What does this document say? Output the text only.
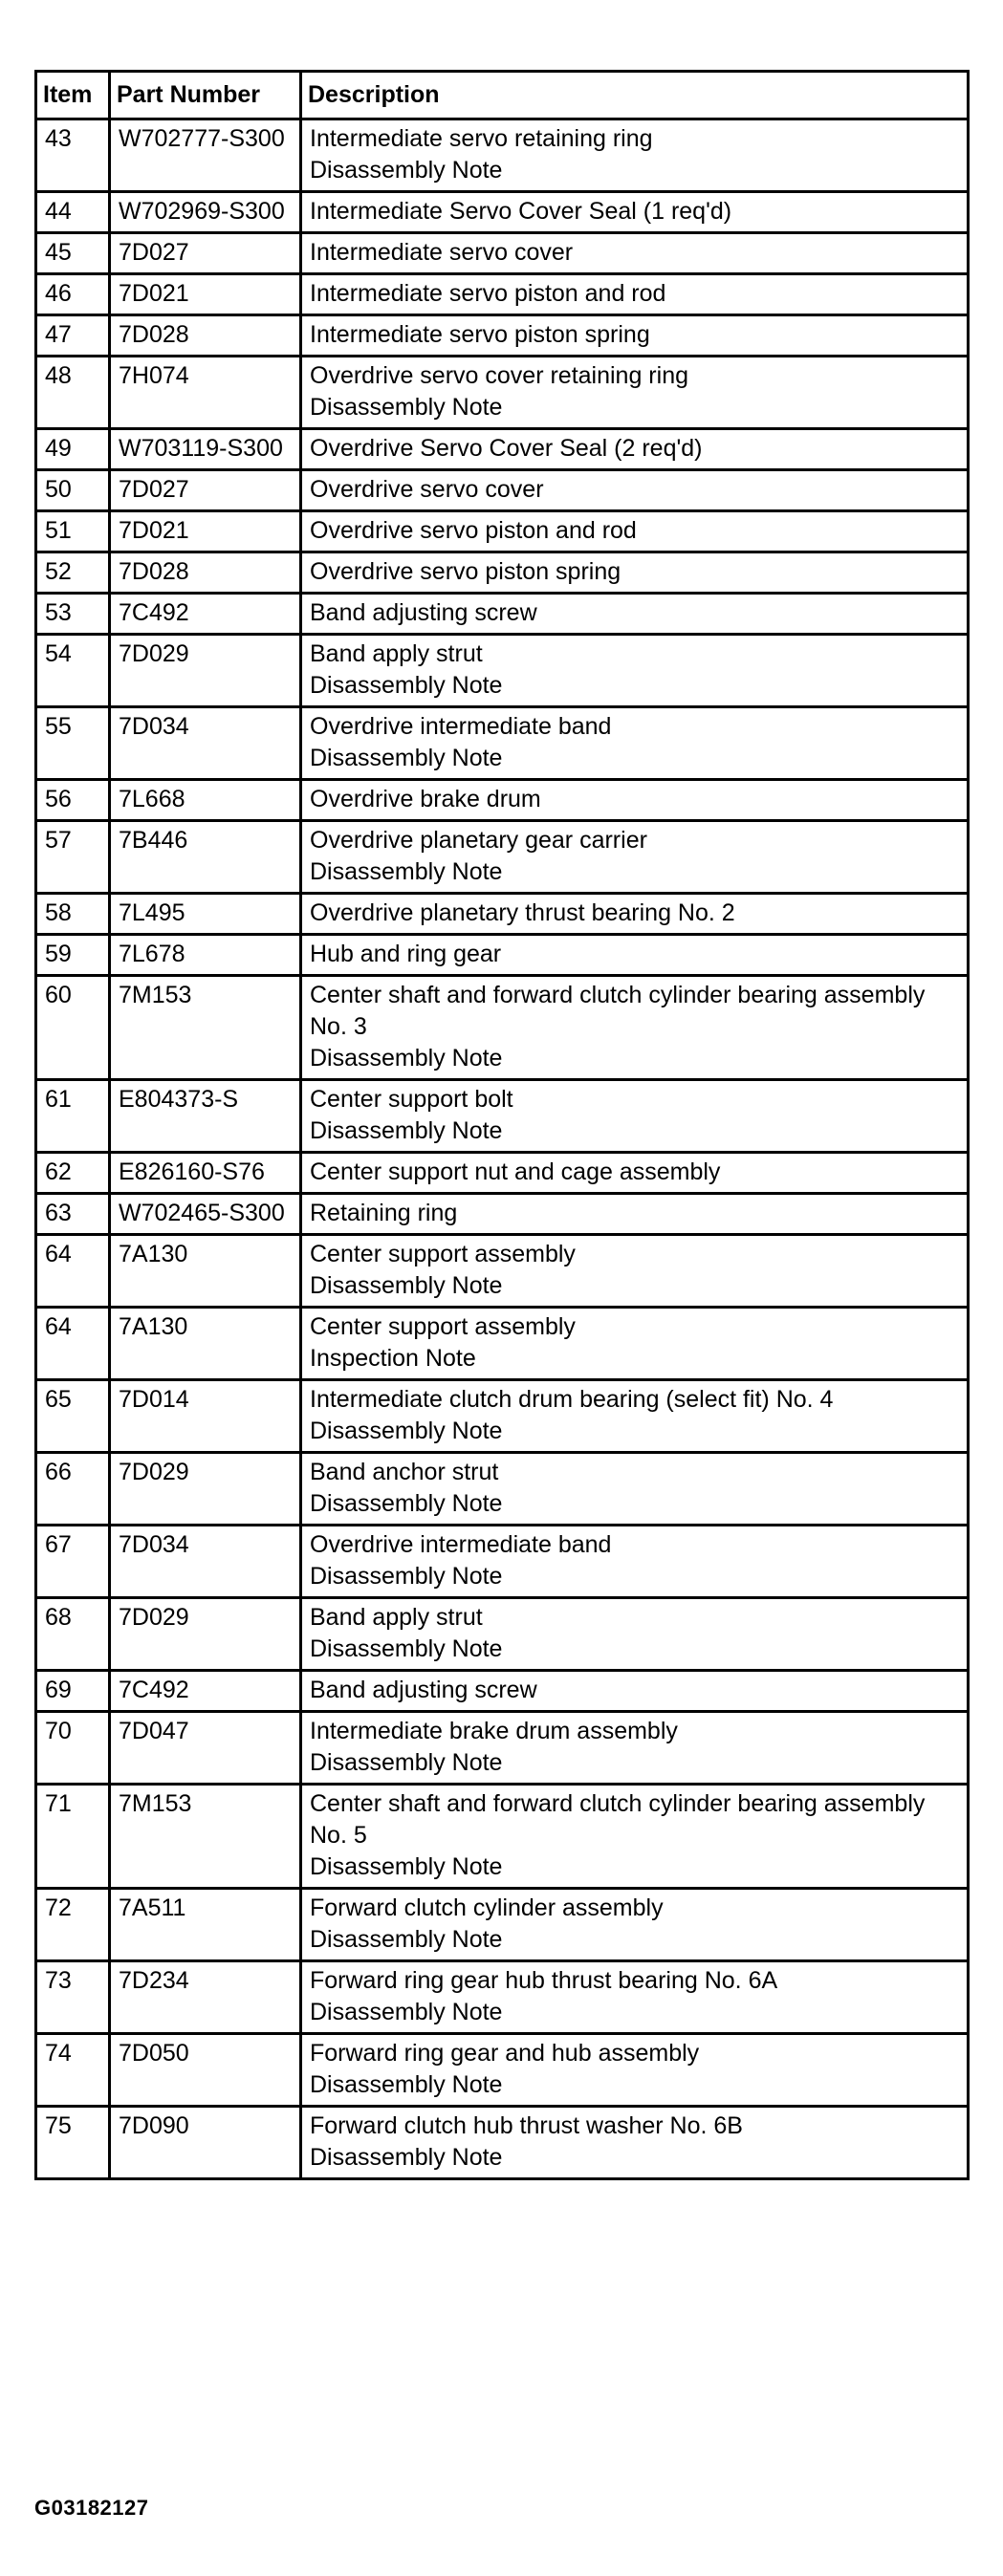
Item	Part Number	Description
43	W702777-S300	Intermediate servo retaining ring
Disassembly Note

44	W702969-S300	Intermediate Servo Cover Seal (1 req'd)

45	7D027	Intermediate servo cover

46	7D021	Intermediate servo piston and rod

47	7D028	Intermediate servo piston spring

48	7H074	Overdrive servo cover retaining ring
Disassembly Note

49	W703119-S300	Overdrive Servo Cover Seal (2 req'd)

50	7D027	Overdrive servo cover

51	7D021	Overdrive servo piston and rod

52	7D028	Overdrive servo piston spring

53	7C492	Band adjusting screw

54	7D029	Band apply strut
Disassembly Note

55	7D034	Overdrive intermediate band
Disassembly Note

56	7L668	Overdrive brake drum

57	7B446	Overdrive planetary gear carrier
Disassembly Note

58	7L495	Overdrive planetary thrust bearing No. 2

59	7L678	Hub and ring gear

60	7M153	Center shaft and forward clutch cylinder bearing assembly No. 3
Disassembly Note

61	E804373-S	Center support bolt
Disassembly Note

62	E826160-S76	Center support nut and cage assembly

63	W702465-S300	Retaining ring

64	7A130	Center support assembly
Disassembly Note

64	7A130	Center support assembly
Inspection Note

65	7D014	Intermediate clutch drum bearing (select fit) No. 4
Disassembly Note

66	7D029	Band anchor strut
Disassembly Note

67	7D034	Overdrive intermediate band
Disassembly Note

68	7D029	Band apply strut
Disassembly Note

69	7C492	Band adjusting screw

70	7D047	Intermediate brake drum assembly
Disassembly Note

71	7M153	Center shaft and forward clutch cylinder bearing assembly No. 5
Disassembly Note

72	7A511	Forward clutch cylinder assembly
Disassembly Note

73	7D234	Forward ring gear hub thrust bearing No. 6A
Disassembly Note

74	7D050	Forward ring gear and hub assembly
Disassembly Note

75	7D090	Forward clutch hub thrust washer No. 6B
Disassembly Note
G03182127
